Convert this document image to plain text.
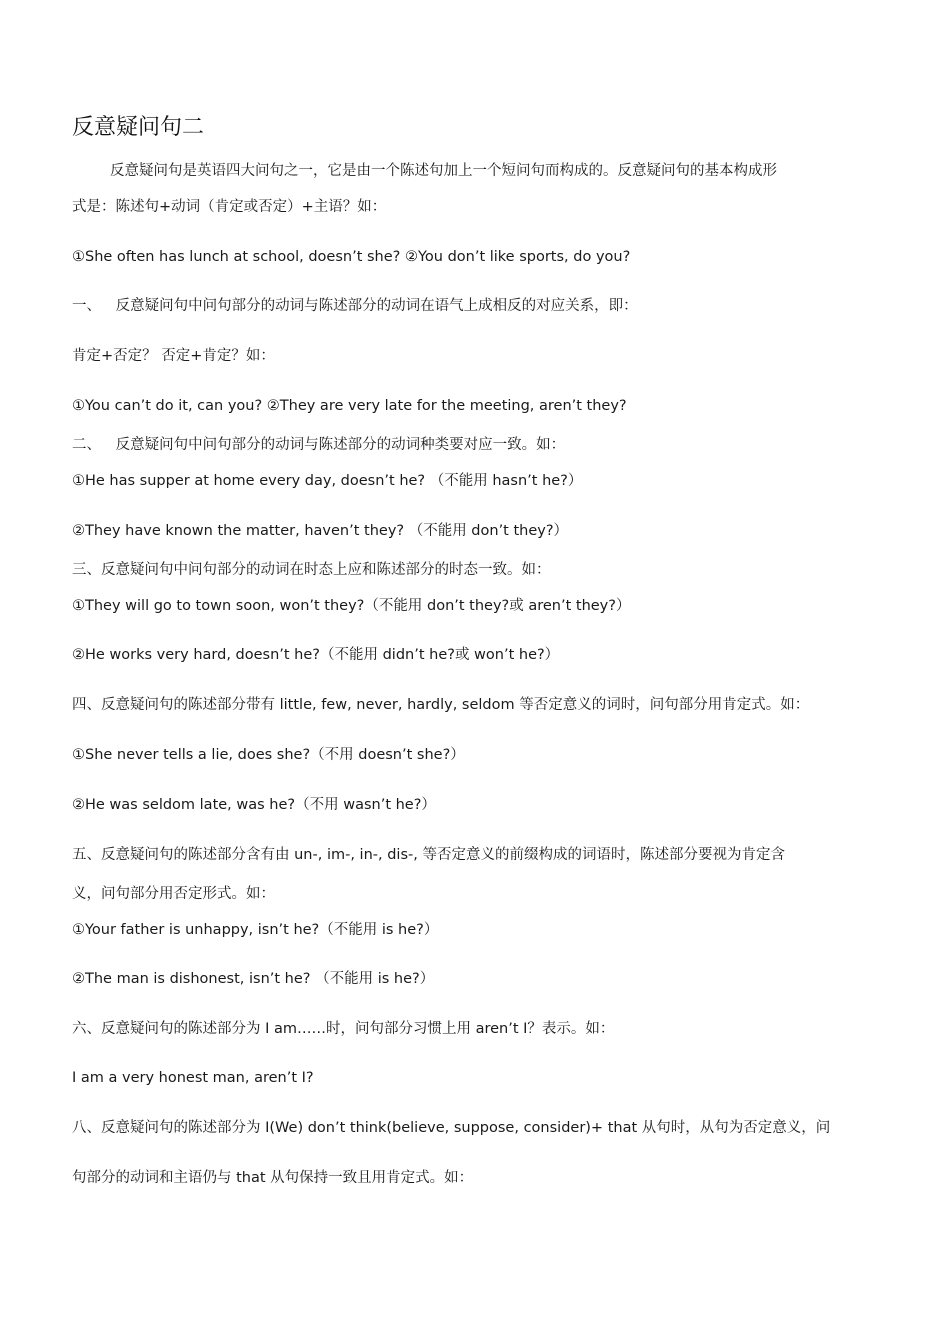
反意疑问句二
反意疑问句是英语四大问句之一，它是由一个陈述句加上一个短问句而构成的。反意疑问句的基本构成形
式是：陈述句+动词（肯定或否定）+主语？如：
①She often has lunch at school, doesn’t she? ②You don’t like sports, do you?
一、 反意疑问句中问句部分的动词与陈述部分的动词在语气上成相反的对应关系，即：
肯定+否定？ 否定+肯定？如：
①You can’t do it, can you? ②They are very late for the meeting, aren’t they?
二、 反意疑问句中问句部分的动词与陈述部分的动词种类要对应一致。如：
①He has supper at home every day, doesn’t he? （不能用 hasn’t he?）
②They have known the matter, haven’t they? （不能用 don’t they?）
三、反意疑问句中问句部分的动词在时态上应和陈述部分的时态一致。如：
①They will go to town soon, won’t they?（不能用 don’t they?或 aren’t they?）
②He works very hard, doesn’t he?（不能用 didn’t he?或 won’t he?）
四、反意疑问句的陈述部分带有 little, few, never, hardly, seldom 等否定意义的词时，问句部分用肯定式。如：
①She never tells a lie, does she?（不用 doesn’t she?）
②He was seldom late, was he?（不用 wasn’t he?）
五、反意疑问句的陈述部分含有由 un-, im-, in-, dis-, 等否定意义的前缀构成的词语时，陈述部分要视为肯定含
义，问句部分用否定形式。如：
①Your father is unhappy, isn’t he?（不能用 is he?）
②The man is dishonest, isn’t he? （不能用 is he?）
六、反意疑问句的陈述部分为 I am……时，问句部分习惯上用 aren’t I？表示。如：
I am a very honest man, aren’t I?
八、反意疑问句的陈述部分为 I(We) don’t think(believe, suppose, consider)+ that 从句时，从句为否定意义，问
句部分的动词和主语仍与 that 从句保持一致且用肯定式。如：
